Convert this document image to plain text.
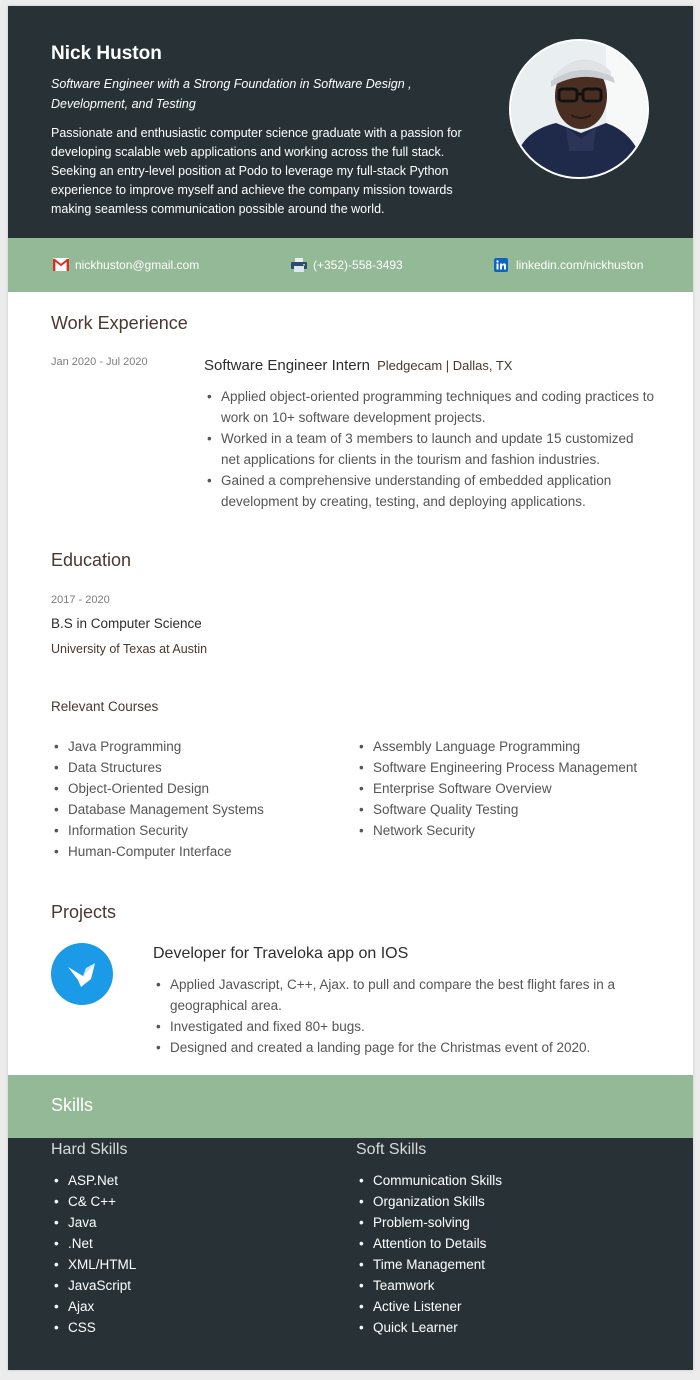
Nick Huston
Software Engineer with a Strong Foundation in Software Design , Development, and Testing
Passionate and enthusiastic computer science graduate with a passion for developing scalable web applications and working across the full stack. Seeking an entry-level position at Podo to leverage my full-stack Python experience to improve myself and achieve the company mission towards making seamless communication possible around the world.
nickhuston@gmail.com	(+352)-558-3493	linkedin.com/nickhuston
Work Experience
Jan 2020 - Jul 2020	Software Engineer Intern Pledgecam | Dallas, TX
• Applied object-oriented programming techniques and coding practices to work on 10+ software development projects.
• Worked in a team of 3 members to launch and update 15 customized net applications for clients in the tourism and fashion industries.
• Gained a comprehensive understanding of embedded application development by creating, testing, and deploying applications.
Education
2017 - 2020
B.S in Computer Science
University of Texas at Austin
Relevant Courses
• Java Programming
• Data Structures
• Object-Oriented Design
• Database Management Systems
• Information Security
• Human-Computer Interface
• Assembly Language Programming
• Software Engineering Process Management
• Enterprise Software Overview
• Software Quality Testing
• Network Security
Projects
Developer for Traveloka app on IOS
• Applied Javascript, C++, Ajax. to pull and compare the best flight fares in a geographical area.
• Investigated and fixed 80+ bugs.
• Designed and created a landing page for the Christmas event of 2020.
Skills
Hard Skills
• ASP.Net
• C& C++
• Java
• .Net
• XML/HTML
• JavaScript
• Ajax
• CSS
Soft Skills
• Communication Skills
• Organization Skills
• Problem-solving
• Attention to Details
• Time Management
• Teamwork
• Active Listener
• Quick Learner
